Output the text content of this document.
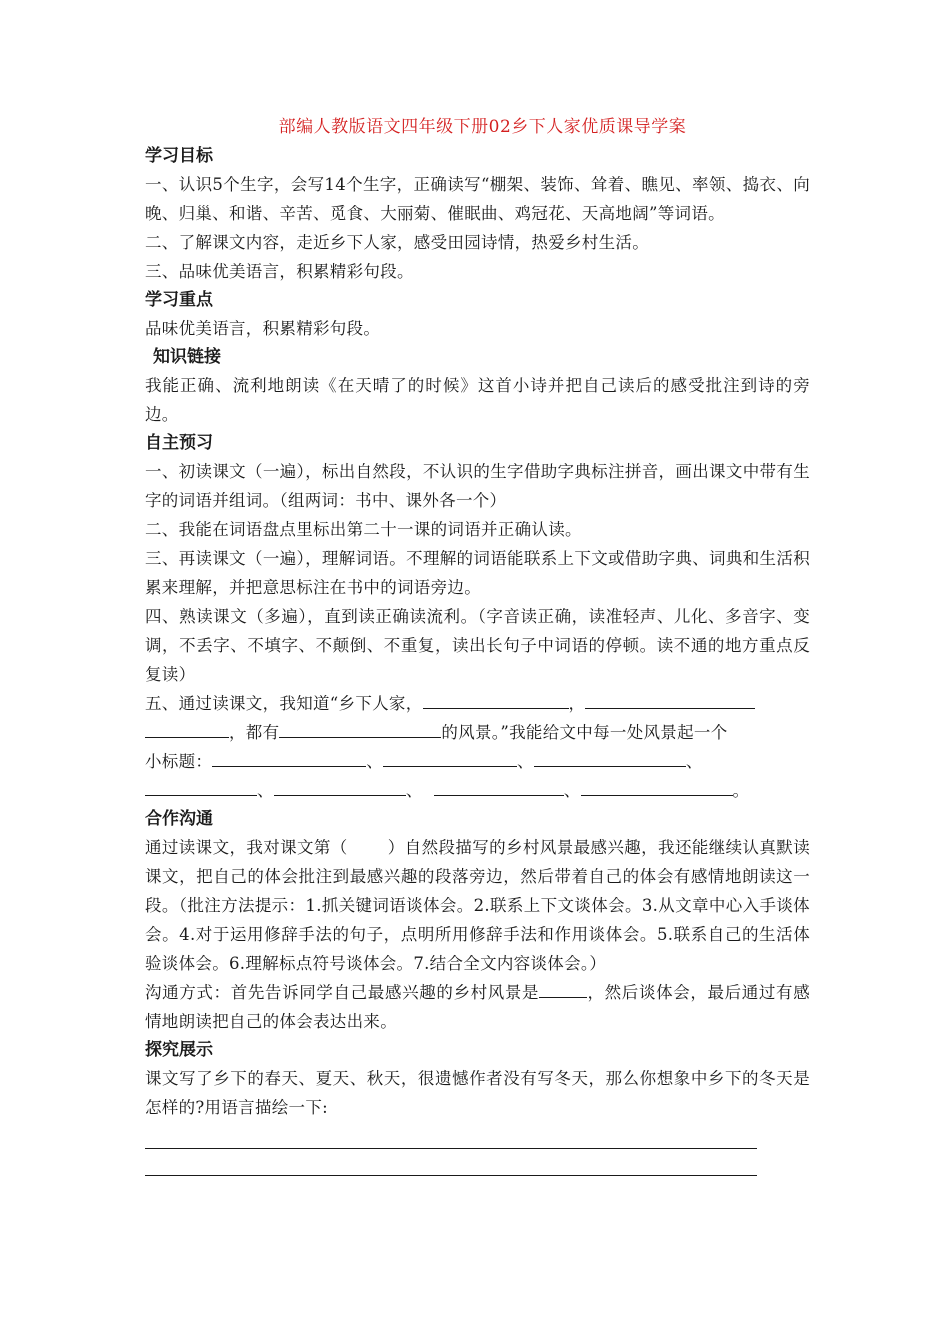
部编人教版语文四年级下册02乡下人家优质课导学案
学习目标
一、认识5个生字，会写14个生字，正确读写“棚架、装饰、耸着、瞧见、率领、捣衣、向晚、归巢、和谐、辛苦、觅食、大丽菊、催眠曲、鸡冠花、天高地阔”等词语。
二、了解课文内容，走近乡下人家，感受田园诗情，热爱乡村生活。
三、品味优美语言，积累精彩句段。
学习重点
品味优美语言，积累精彩句段。
知识链接
我能正确、流利地朗读《在天晴了的时候》这首小诗并把自己读后的感受批注到诗的旁边。
自主预习
一、初读课文（一遍），标出自然段，不认识的生字借助字典标注拼音，画出课文中带有生字的词语并组词。（组两词：书中、课外各一个）
二、我能在词语盘点里标出第二十一课的词语并正确认读。
三、再读课文（一遍），理解词语。不理解的词语能联系上下文或借助字典、词典和生活积累来理解，并把意思标注在书中的词语旁边。
四、熟读课文（多遍），直到读正确读流利。（字音读正确，读准轻声、儿化、多音字、变调，不丢字、不填字、不颠倒、不重复，读出长句子中词语的停顿。读不通的地方重点反复读）
五、通过读课文，我知道“乡下人家，	，
，都有	的风景。”我能给文中每一处风景起一个
小标题：	、	、	、
、	、	、	。
合作沟通
通过读课文，我对课文第（ ）自然段描写的乡村风景最感兴趣，我还能继续认真默读课文，把自己的体会批注到最感兴趣的段落旁边，然后带着自己的体会有感情地朗读这一段。（批注方法提示：1.抓关键词语谈体会。2.联系上下文谈体会。3.从文章中心入手谈体会。4.对于运用修辞手法的句子，点明所用修辞手法和作用谈体会。5.联系自己的生活体验谈体会。6.理解标点符号谈体会。7.结合全文内容谈体会。）
沟通方式：首先告诉同学自己最感兴趣的乡村风景是	，然后谈体会，最后通过有感情地朗读把自己的体会表达出来。
探究展示
课文写了乡下的春天、夏天、秋天，很遗憾作者没有写冬天，那么你想象中乡下的冬天是怎样的?用语言描绘一下:
